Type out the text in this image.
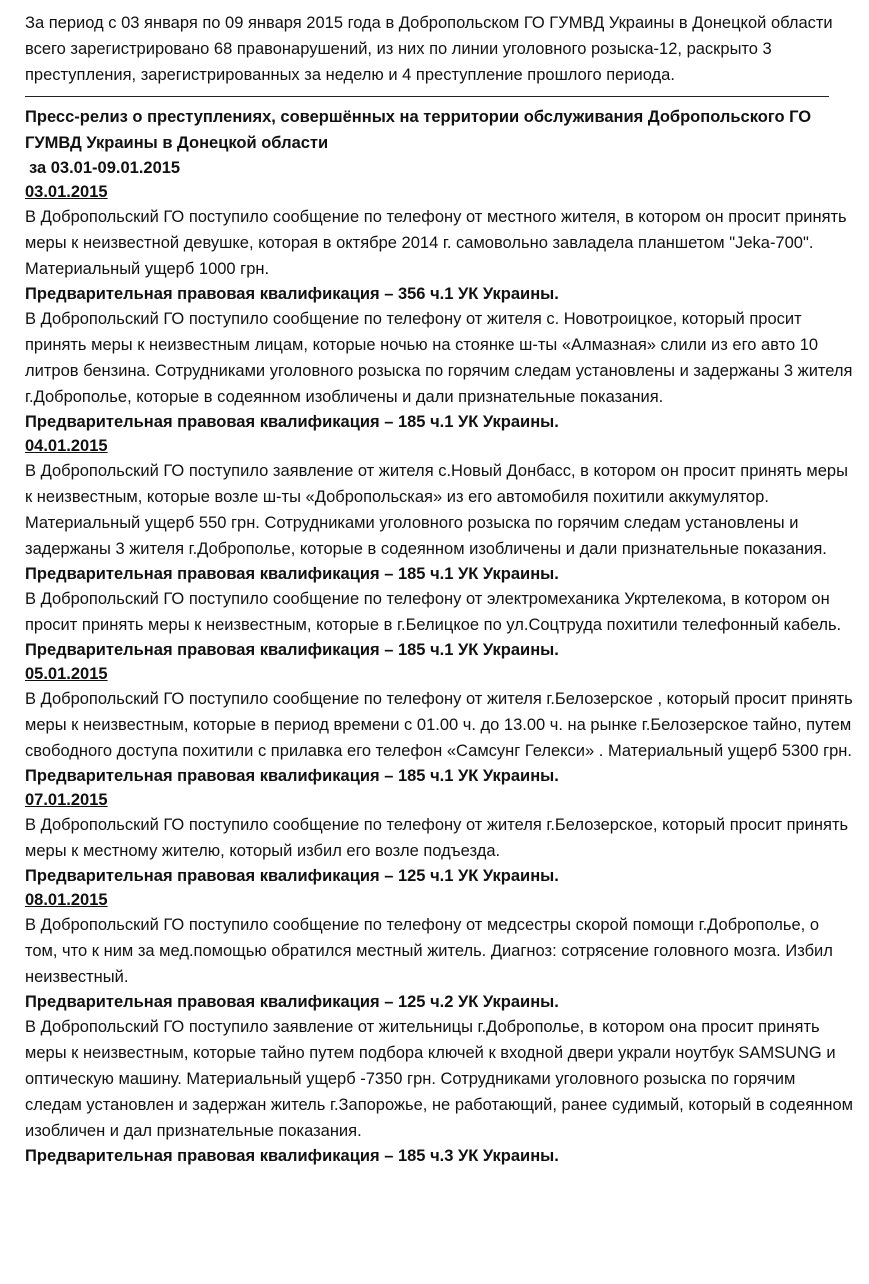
За период с 03 января по 09 января 2015 года в Добропольском ГО ГУМВД Украины в Донецкой области всего зарегистрировано 68 правонарушений, из них по линии уголовного розыска-12, раскрыто 3 преступления, зарегистрированных за неделю и 4 преступление прошлого периода.

Пресс-релиз о преступлениях, совершённых на территории обслуживания Добропольского ГО ГУМВД Украины в Донецкой области

за 03.01-09.01.2015

03.01.2015

В Добропольский ГО поступило сообщение по телефону от местного жителя, в котором он просит принять меры к неизвестной девушке, которая в октябре 2014 г. самовольно завладела планшетом "Jeka-700". Материальный ущерб 1000 грн.

Предварительная правовая квалификация – 356 ч.1 УК Украины.

В Добропольский ГО поступило сообщение по телефону от жителя с. Новотроицкое, который просит принять меры к неизвестным лицам, которые ночью на стоянке ш-ты «Алмазная» слили из его авто 10 литров бензина. Сотрудниками уголовного розыска по горячим следам установлены и задержаны 3 жителя г.Доброполье, которые в содеянном изобличены и дали признательные показания.

Предварительная правовая квалификация – 185 ч.1 УК Украины.

04.01.2015

В Добропольский ГО поступило заявление от жителя с.Новый Донбасс, в котором он просит принять меры к неизвестным, которые возле ш-ты «Добропольская» из его автомобиля похитили аккумулятор. Материальный ущерб 550 грн. Сотрудниками уголовного розыска по горячим следам установлены и задержаны 3 жителя г.Доброполье, которые в содеянном изобличены и дали признательные показания.

Предварительная правовая квалификация – 185 ч.1 УК Украины.

В Добропольский ГО поступило сообщение по телефону от электромеханика Укртелекома, в котором он просит принять меры к неизвестным, которые в г.Белицкое по ул.Соцтруда похитили телефонный кабель.

Предварительная правовая квалификация – 185 ч.1 УК Украины.

05.01.2015

В Добропольский ГО поступило сообщение по телефону от жителя г.Белозерское , который просит принять меры к неизвестным, которые в период времени с 01.00 ч. до 13.00 ч. на рынке г.Белозерское тайно, путем свободного доступа похитили с прилавка его телефон «Самсунг Гелекси» . Материальный ущерб 5300 грн.

Предварительная правовая квалификация – 185 ч.1 УК Украины.

07.01.2015

В Добропольский ГО поступило сообщение по телефону от жителя г.Белозерское, который просит принять меры к местному жителю, который избил его возле подъезда.

Предварительная правовая квалификация – 125 ч.1 УК Украины.

08.01.2015

В Добропольский ГО поступило сообщение по телефону от медсестры скорой помощи г.Доброполье, о том, что к ним за мед.помощью обратился местный житель. Диагноз: сотрясение головного мозга. Избил неизвестный.

Предварительная правовая квалификация – 125 ч.2 УК Украины.

В Добропольский ГО поступило заявление от жительницы г.Доброполье, в котором она просит принять меры к неизвестным, которые тайно путем подбора ключей к входной двери украли ноутбук SAMSUNG и оптическую машину. Материальный ущерб -7350 грн. Сотрудниками уголовного розыска по горячим следам установлен и задержан житель г.Запорожье, не работающий, ранее судимый, который в содеянном изобличен и дал признательные показания.

Предварительная правовая квалификация – 185 ч.3 УК Украины.
